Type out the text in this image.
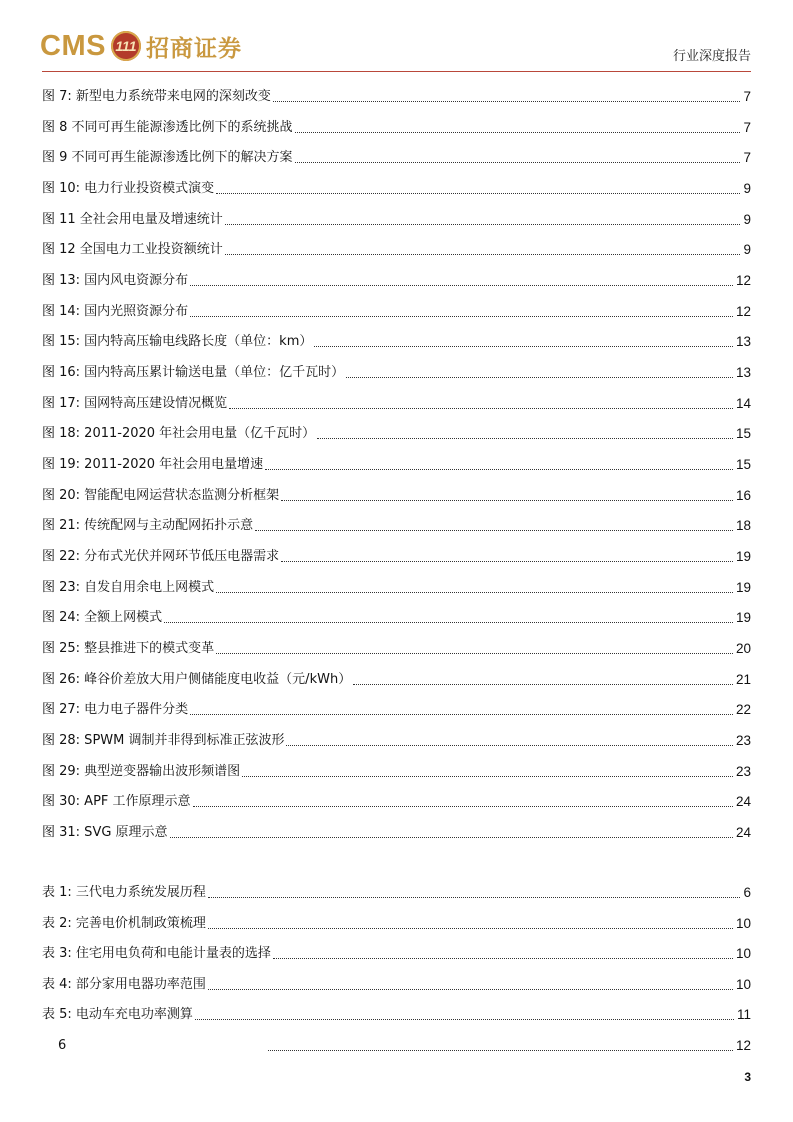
CMS 111 招商证券	行业深度报告
图 7: 新型电力系统带来电网的深刻改变	7
图 8 不同可再生能源渗透比例下的系统挑战	7
图 9 不同可再生能源渗透比例下的解决方案	7
图 10: 电力行业投资模式演变	9
图 11 全社会用电量及增速统计	9
图 12 全国电力工业投资额统计	9
图 13: 国内风电资源分布	12
图 14: 国内光照资源分布	12
图 15: 国内特高压输电线路长度（单位：km）	13
图 16: 国内特高压累计输送电量（单位：亿千瓦时）	13
图 17: 国网特高压建设情况概览	14
图 18: 2011-2020 年社会用电量（亿千瓦时）	15
图 19: 2011-2020 年社会用电量增速	15
图 20: 智能配电网运营状态监测分析框架	16
图 21: 传统配网与主动配网拓扑示意	18
图 22: 分布式光伏并网环节低压电器需求	19
图 23: 自发自用余电上网模式	19
图 24: 全额上网模式	19
图 25: 整县推进下的模式变革	20
图 26: 峰谷价差放大用户侧储能度电收益（元/kWh）	21
图 27: 电力电子器件分类	22
图 28: SPWM 调制并非得到标准正弦波形	23
图 29: 典型逆变器输出波形频谱图	23
图 30: APF 工作原理示意	24
图 31: SVG 原理示意	24
表 1: 三代电力系统发展历程	6
表 2: 完善电价机制政策梳理	10
表 3: 住宅用电负荷和电能计量表的选择	10
表 4: 部分家用电器功率范围	10
表 5: 电动车充电功率测算	11
6	12
3
